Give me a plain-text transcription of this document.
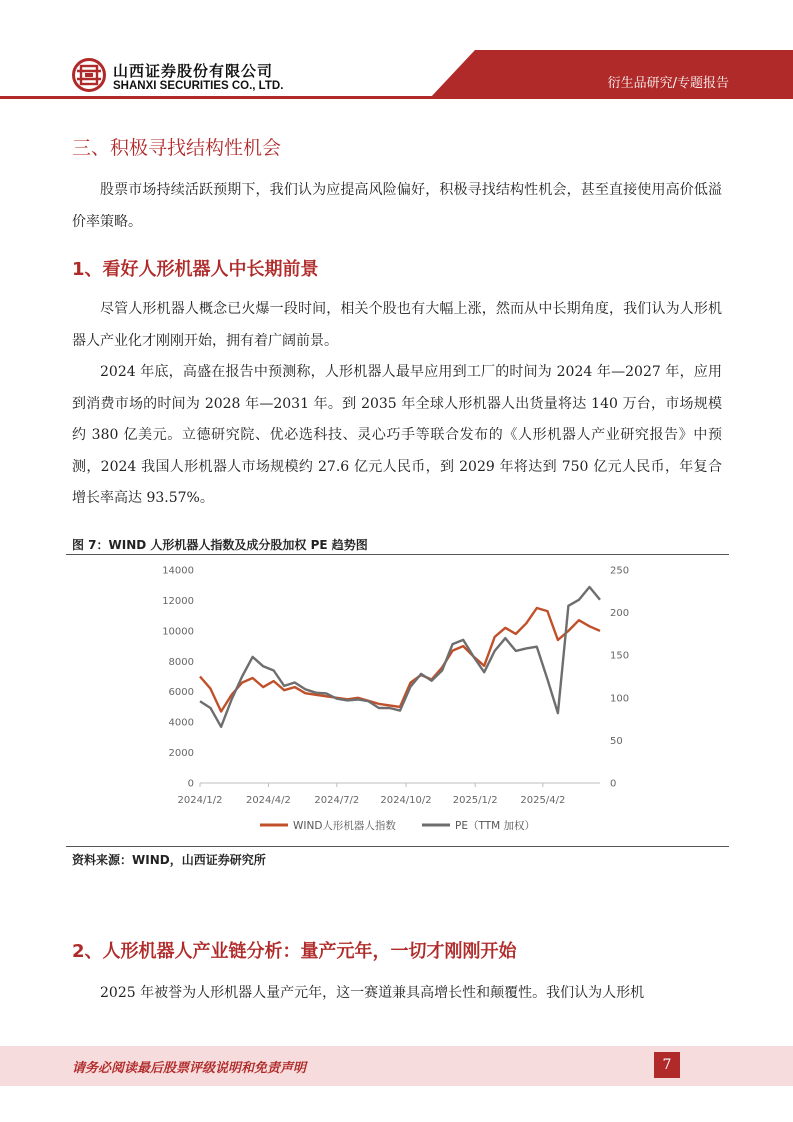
山西证券股份有限公司
SHANXI SECURITIES CO., LTD.	衍生品研究/专题报告
三、积极寻找结构性机会

股票市场持续活跃预期下，我们认为应提高风险偏好，积极寻找结构性机会，甚至直接使用高价低溢价率策略。

1、看好人形机器人中长期前景

尽管人形机器人概念已火爆一段时间，相关个股也有大幅上涨，然而从中长期角度，我们认为人形机器人产业化才刚刚开始，拥有着广阔前景。

2024 年底，高盛在报告中预测称，人形机器人最早应用到工厂的时间为 2024 年—2027 年，应用到消费市场的时间为 2028 年—2031 年。到 2035 年全球人形机器人出货量将达 140 万台，市场规模约 380 亿美元。立德研究院、优必选科技、灵心巧手等联合发布的《人形机器人产业研究报告》中预测，2024 我国人形机器人市场规模约 27.6 亿元人民币，到 2029 年将达到 750 亿元人民币，年复合增长率高达 93.57%。

图 7：WIND 人形机器人指数及成分股加权 PE 趋势图
0
2000
4000
6000
8000
10000
12000
14000
0
50
100
150
200
250
2024/1/2 2024/4/2 2024/7/2 2024/10/2 2025/1/2 2025/4/2
WIND人形机器人指数	PE（TTM 加权）
资料来源：WIND，山西证券研究所
2、人形机器人产业链分析：量产元年，一切才刚刚开始

2025 年被誉为人形机器人量产元年，这一赛道兼具高增长性和颠覆性。我们认为人形机

请务必阅读最后股票评级说明和免责声明	7
